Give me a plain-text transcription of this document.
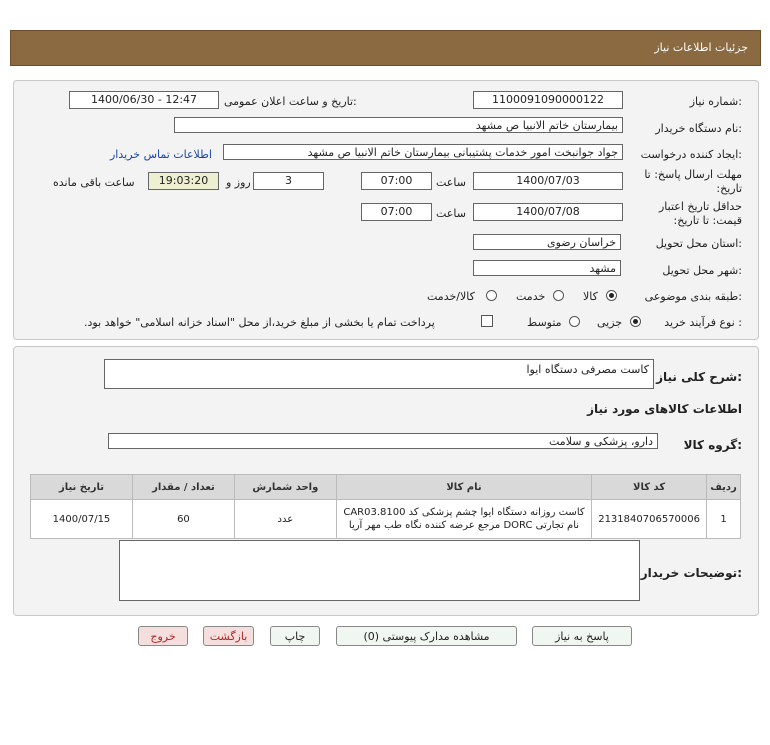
جزئیات اطلاعات نیاز
شماره نیاز:
1100091090000122
تاریخ و ساعت اعلان عمومی:
1400/06/30 - 12:47
نام دستگاه خریدار:
بیمارستان خاتم الانبیا ص مشهد
ایجاد کننده درخواست:
جواد جوانبخت امور خدمات پشتیبانی بیمارستان خاتم الانبیا ص مشهد
اطلاعات تماس خریدار
مهلت ارسال پاسخ: تا تاریخ:
1400/07/03
ساعت
07:00
3
روز و
19:03:20
ساعت باقی مانده
حداقل تاریخ اعتبار قیمت: تا تاریخ:
1400/07/08
ساعت
07:00
استان محل تحویل:
خراسان رضوی
شهر محل تحویل:
مشهد
طبقه بندی موضوعی:
کالا
خدمت
کالا/خدمت
نوع فرآیند خرید :
جزیی
متوسط
پرداخت تمام یا بخشی از مبلغ خرید،از محل "اسناد خزانه اسلامی" خواهد بود.
شرح کلی نیاز:
کاست مصرفی دستگاه ایوا
اطلاعات کالاهای مورد نیاز
گروه کالا:
دارو، پزشکی و سلامت
ردیف	کد کالا	نام کالا	واحد شمارش	تعداد / مقدار	تاریخ نیاز
1	2131840706570006	کاست روزانه دستگاه ایوا چشم پزشکی کد CAR03.8100 نام تجارتی DORC مرجع عرضه کننده نگاه طب مهر آریا	عدد	60	1400/07/15
توضیحات خریدار:
پاسخ به نیاز
مشاهده مدارک پیوستی (0)
چاپ
بازگشت
خروج
